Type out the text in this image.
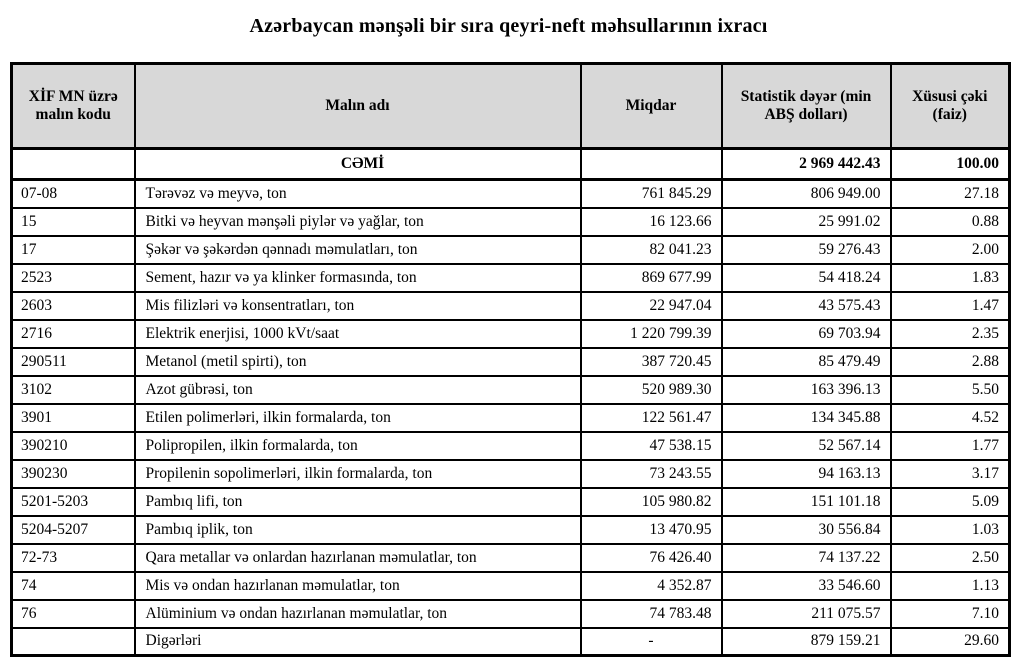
Azərbaycan mənşəli bir sıra qeyri-neft məhsullarının ixracı
XİF MN üzrə malın kodu	Malın adı	Miqdar	Statistik dəyər (min ABŞ dolları)	Xüsusi çəki (faiz)
	CƏMİ		2 969 442.43	100.00
07-08	Tərəvəz və meyvə, ton	761 845.29	806 949.00	27.18
15	Bitki və heyvan mənşəli piylər və yağlar, ton	16 123.66	25 991.02	0.88
17	Şəkər və şəkərdən qənnadı məmulatları, ton	82 041.23	59 276.43	2.00
2523	Sement, hazır və ya klinker formasında, ton	869 677.99	54 418.24	1.83
2603	Mis filizləri və konsentratları, ton	22 947.04	43 575.43	1.47
2716	Elektrik enerjisi, 1000 kVt/saat	1 220 799.39	69 703.94	2.35
290511	Metanol (metil spirti), ton	387 720.45	85 479.49	2.88
3102	Azot gübrəsi, ton	520 989.30	163 396.13	5.50
3901	Etilen polimerləri, ilkin formalarda, ton	122 561.47	134 345.88	4.52
390210	Polipropilen, ilkin formalarda, ton	47 538.15	52 567.14	1.77
390230	Propilenin sopolimerləri, ilkin formalarda, ton	73 243.55	94 163.13	3.17
5201-5203	Pambıq lifi, ton	105 980.82	151 101.18	5.09
5204-5207	Pambıq iplik, ton	13 470.95	30 556.84	1.03
72-73	Qara metallar və onlardan hazırlanan məmulatlar, ton	76 426.40	74 137.22	2.50
74	Mis və ondan hazırlanan məmulatlar, ton	4 352.87	33 546.60	1.13
76	Alüminium və ondan hazırlanan məmulatlar, ton	74 783.48	211 075.57	7.10
	Digərləri	-	879 159.21	29.60
